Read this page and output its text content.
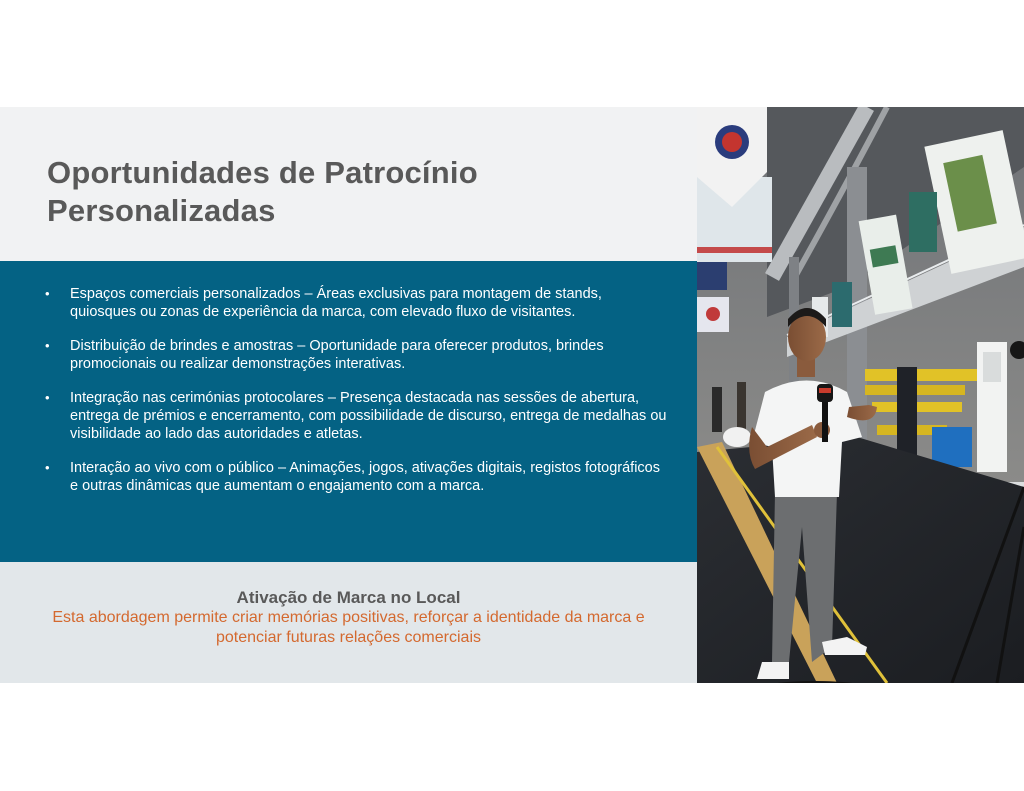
Oportunidades de Patrocínio Personalizadas
• Espaços comerciais personalizados – Áreas exclusivas para montagem de stands, quiosques ou zonas de experiência da marca, com elevado fluxo de visitantes.
• Distribuição de brindes e amostras – Oportunidade para oferecer produtos, brindes promocionais ou realizar demonstrações interativas.
• Integração nas cerimónias protocolares – Presença destacada nas sessões de abertura, entrega de prémios e encerramento, com possibilidade de discurso, entrega de medalhas ou visibilidade ao lado das autoridades e atletas.
• Interação ao vivo com o público – Animações, jogos, ativações digitais, registos fotográficos e outras dinâmicas que aumentam o engajamento com a marca.
Ativação de Marca no Local
Esta abordagem permite criar memórias positivas, reforçar a identidade da marca e potenciar futuras relações comerciais
